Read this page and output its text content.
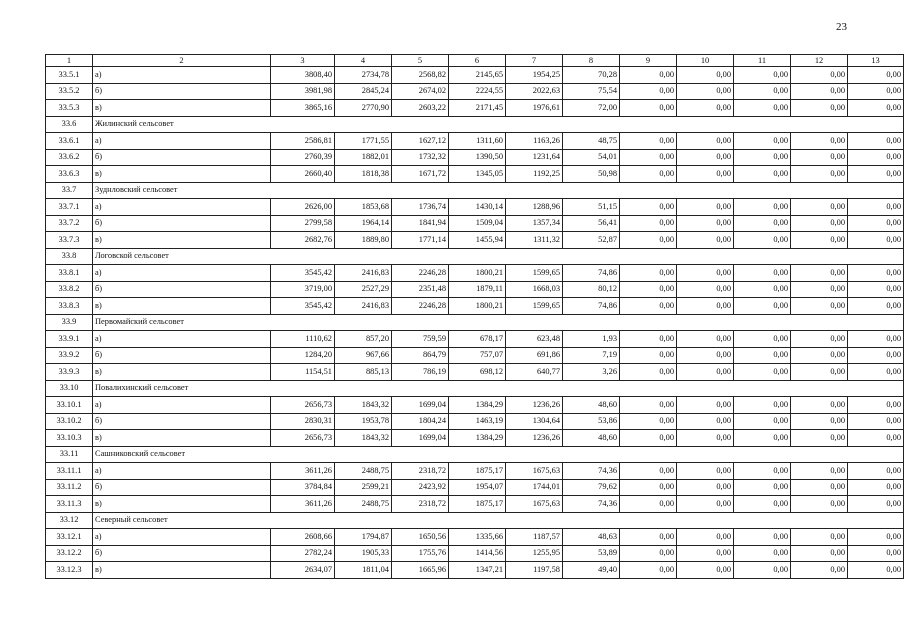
23
1	2	3	4	5	6	7	8	9	10	11	12	13
33.5.1	а)	3808,40	2734,78	2568,82	2145,65	1954,25	70,28	0,00	0,00	0,00	0,00	0,00
33.5.2	б)	3981,98	2845,24	2674,02	2224,55	2022,63	75,54	0,00	0,00	0,00	0,00	0,00
33.5.3	в)	3865,16	2770,90	2603,22	2171,45	1976,61	72,00	0,00	0,00	0,00	0,00	0,00
33.6	Жилинский сельсовет											
33.6.1	а)	2586,81	1771,55	1627,12	1311,60	1163,26	48,75	0,00	0,00	0,00	0,00	0,00
33.6.2	б)	2760,39	1882,01	1732,32	1390,50	1231,64	54,01	0,00	0,00	0,00	0,00	0,00
33.6.3	в)	2660,40	1818,38	1671,72	1345,05	1192,25	50,98	0,00	0,00	0,00	0,00	0,00
33.7	Зуднловский сельсовет											
33.7.1	а)	2626,00	1853,68	1736,74	1430,14	1288,96	51,15	0,00	0,00	0,00	0,00	0,00
33.7.2	б)	2799,58	1964,14	1841,94	1509,04	1357,34	56,41	0,00	0,00	0,00	0,00	0,00
33.7.3	в)	2682,76	1889,80	1771,14	1455,94	1311,32	52,87	0,00	0,00	0,00	0,00	0,00
33.8	Логовской сельсовет											
33.8.1	а)	3545,42	2416,83	2246,28	1800,21	1599,65	74,86	0,00	0,00	0,00	0,00	0,00
33.8.2	б)	3719,00	2527,29	2351,48	1879,11	1668,03	80,12	0,00	0,00	0,00	0,00	0,00
33.8.3	в)	3545,42	2416,83	2246,28	1800,21	1599,65	74,86	0,00	0,00	0,00	0,00	0,00
33.9	Первомайский сельсовет											
33.9.1	а)	1110,62	857,20	759,59	678,17	623,48	1,93	0,00	0,00	0,00	0,00	0,00
33.9.2	б)	1284,20	967,66	864,79	757,07	691,86	7,19	0,00	0,00	0,00	0,00	0,00
33.9.3	в)	1154,51	885,13	786,19	698,12	640,77	3,26	0,00	0,00	0,00	0,00	0,00
33.10	Повалихинский сельсовет											
33.10.1	а)	2656,73	1843,32	1699,04	1384,29	1236,26	48,60	0,00	0,00	0,00	0,00	0,00
33.10.2	б)	2830,31	1953,78	1804,24	1463,19	1304,64	53,86	0,00	0,00	0,00	0,00	0,00
33.10.3	в)	2656,73	1843,32	1699,04	1384,29	1236,26	48,60	0,00	0,00	0,00	0,00	0,00
33.11	Сашниковский сельсовет											
33.11.1	а)	3611,26	2488,75	2318,72	1875,17	1675,63	74,36	0,00	0,00	0,00	0,00	0,00
33.11.2	б)	3784,84	2599,21	2423,92	1954,07	1744,01	79,62	0,00	0,00	0,00	0,00	0,00
33.11.3	в)	3611,26	2488,75	2318,72	1875,17	1675,63	74,36	0,00	0,00	0,00	0,00	0,00
33.12	Северный сельсовет											
33.12.1	а)	2608,66	1794,87	1650,56	1335,66	1187,57	48,63	0,00	0,00	0,00	0,00	0,00
33.12.2	б)	2782,24	1905,33	1755,76	1414,56	1255,95	53,89	0,00	0,00	0,00	0,00	0,00
33.12.3	в)	2634,07	1811,04	1665,96	1347,21	1197,58	49,40	0,00	0,00	0,00	0,00	0,00
